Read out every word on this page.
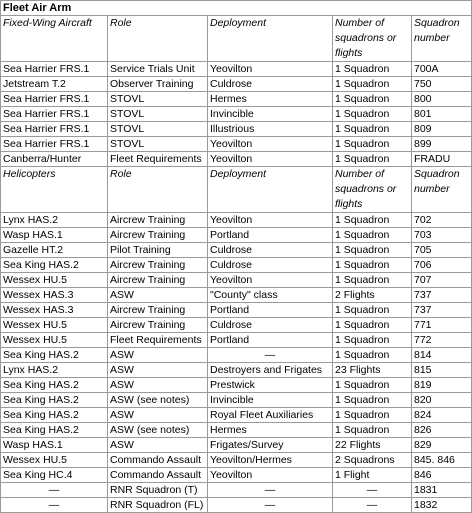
Fleet Air Arm				
Fixed-Wing Aircraft	Role	Deployment	Number of squadrons or flights	Squadron number
Sea Harrier FRS.1	Service Trials Unit	Yeovilton	1 Squadron	700A
Jetstream T.2	Observer Training	Culdrose	1 Squadron	750
Sea Harrier FRS.1	STOVL	Hermes	1 Squadron	800
Sea Harrier FRS.1	STOVL	Invincible	1 Squadron	801
Sea Harrier FRS.1	STOVL	Illustrious	1 Squadron	809
Sea Harrier FRS.1	STOVL	Yeovilton	1 Squadron	899
Canberra/Hunter	Fleet Requirements	Yeovilton	1 Squadron	FRADU
Helicopters	Role	Deployment	Number of squadrons or flights	Squadron number
Lynx HAS.2	Aircrew Training	Yeovilton	1 Squadron	702
Wasp HAS.1	Aircrew Training	Portland	1 Squadron	703
Gazelle HT.2	Pilot Training	Culdrose	1 Squadron	705
Sea King HAS.2	Aircrew Training	Culdrose	1 Squadron	706
Wessex HU.5	Aircrew Training	Yeovilton	1 Squadron	707
Wessex HAS.3	ASW	"County" class	2 Flights	737
Wessex HAS.3	Aircrew Training	Portland	1 Squadron	737
Wessex HU.5	Aircrew Training	Culdrose	1 Squadron	771
Wessex HU.5	Fleet Requirements	Portland	1 Squadron	772
Sea King HAS.2	ASW	—	1 Squadron	814
Lynx HAS.2	ASW	Destroyers and Frigates	23 Flights	815
Sea King HAS.2	ASW	Prestwick	1 Squadron	819
Sea King HAS.2	ASW (see notes)	Invincible	1 Squadron	820
Sea King HAS.2	ASW	Royal Fleet Auxiliaries	1 Squadron	824
Sea King HAS.2	ASW (see notes)	Hermes	1 Squadron	826
Wasp HAS.1	ASW	Frigates/Survey	22 Flights	829
Wessex HU.5	Commando Assault	Yeovilton/Hermes	2 Squadrons	845. 846
Sea King HC.4	Commando Assault	Yeovilton	1 Flight	846
—	RNR Squadron (T)	—	—	1831
—	RNR Squadron (FL)	—	—	1832
